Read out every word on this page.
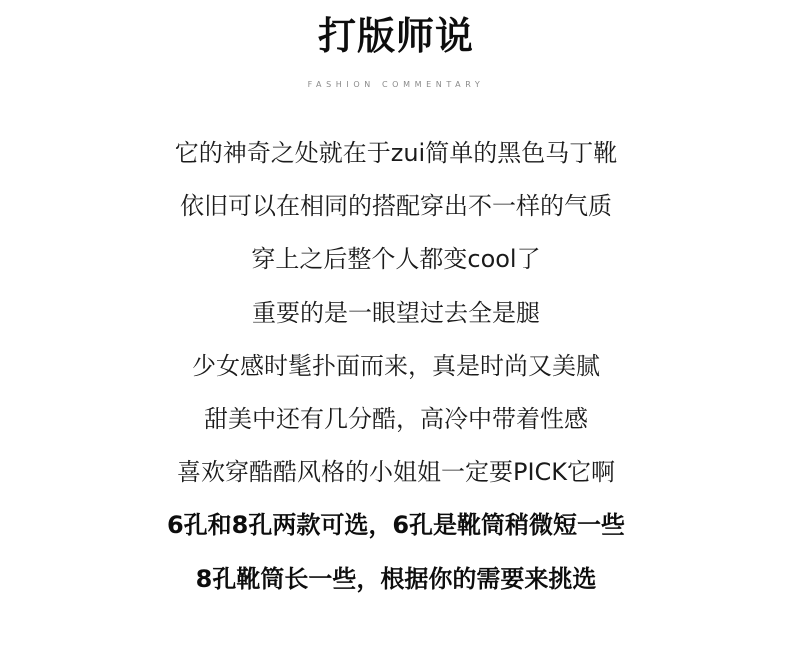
打版师说
FASHION COMMENTARY
它的神奇之处就在于zui简单的黑色马丁靴
依旧可以在相同的搭配穿出不一样的气质
穿上之后整个人都变cool了
重要的是一眼望过去全是腿
少女感时髦扑面而来，真是时尚又美腻
甜美中还有几分酷，高冷中带着性感
喜欢穿酷酷风格的小姐姐一定要PICK它啊
6孔和8孔两款可选，6孔是靴筒稍微短一些
8孔靴筒长一些，根据你的需要来挑选
